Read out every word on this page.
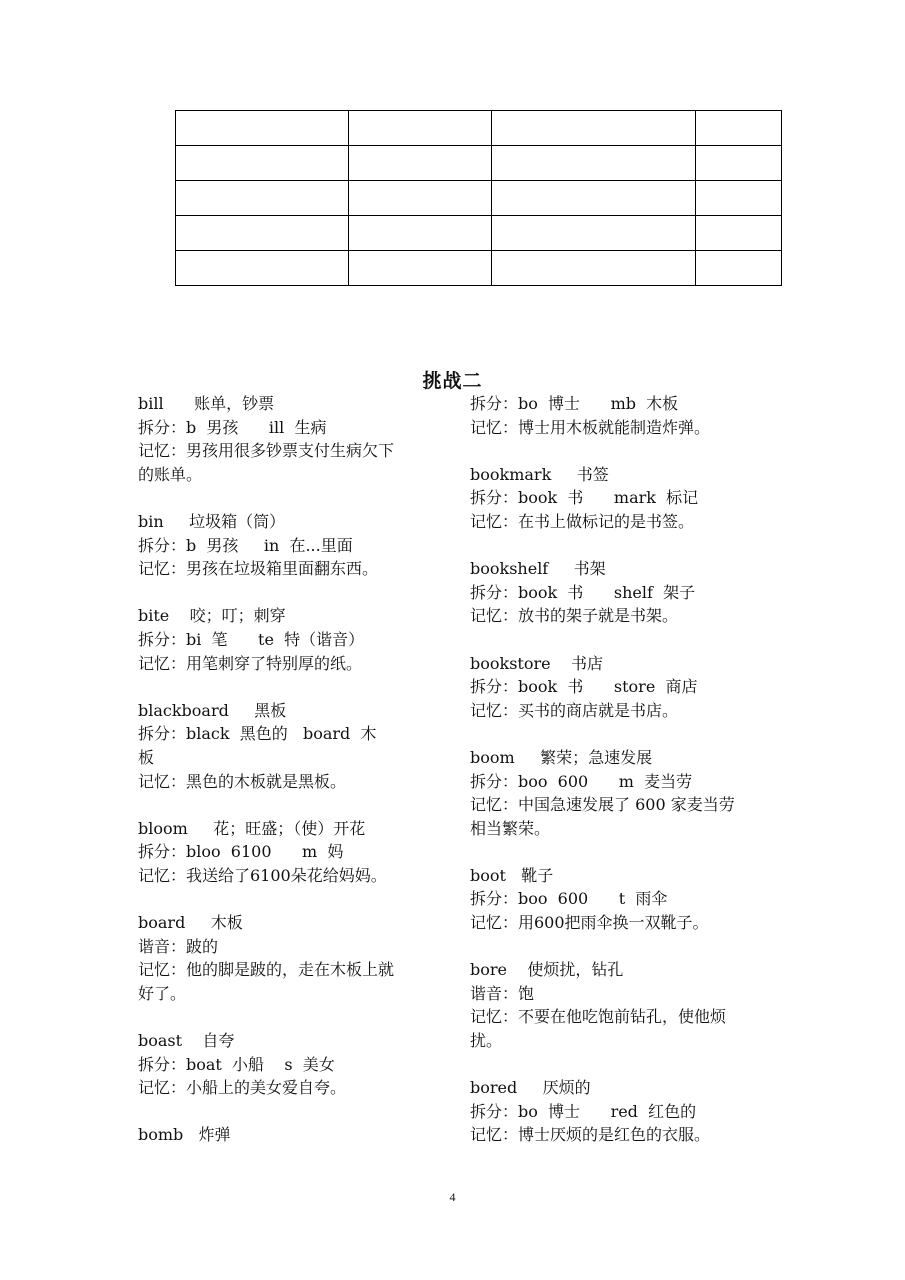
挑战二
bill      账单，钞票
拆分：b  男孩      ill  生病
记忆：男孩用很多钞票支付生病欠下
的账单。
bin     垃圾箱（筒）
拆分：b  男孩     in  在...里面
记忆：男孩在垃圾箱里面翻东西。
bite    咬；叮；刺穿
拆分：bi  笔      te  特（谐音）
记忆：用笔刺穿了特别厚的纸。
blackboard     黑板
拆分：black  黑色的   board  木
板
记忆：黑色的木板就是黑板。
bloom     花；旺盛；（使）开花
拆分：bloo  6100      m  妈
记忆：我送给了6100朵花给妈妈。
board     木板
谐音：跛的
记忆：他的脚是跛的，走在木板上就
好了。
boast    自夸
拆分：boat  小船    s  美女
记忆：小船上的美女爱自夸。
bomb   炸弹
拆分：bo  博士      mb  木板
记忆：博士用木板就能制造炸弹。
bookmark     书签
拆分：book  书      mark  标记
记忆：在书上做标记的是书签。
bookshelf     书架
拆分：book  书      shelf  架子
记忆：放书的架子就是书架。
bookstore    书店
拆分：book  书      store  商店
记忆：买书的商店就是书店。
boom     繁荣；急速发展
拆分：boo  600      m  麦当劳
记忆：中国急速发展了 600 家麦当劳
相当繁荣。
boot   靴子
拆分：boo  600      t  雨伞
记忆：用600把雨伞换一双靴子。
bore    使烦扰，钻孔
谐音：饱
记忆：不要在他吃饱前钻孔，使他烦
扰。
bored     厌烦的
拆分：bo  博士      red  红色的
记忆：博士厌烦的是红色的衣服。
4
